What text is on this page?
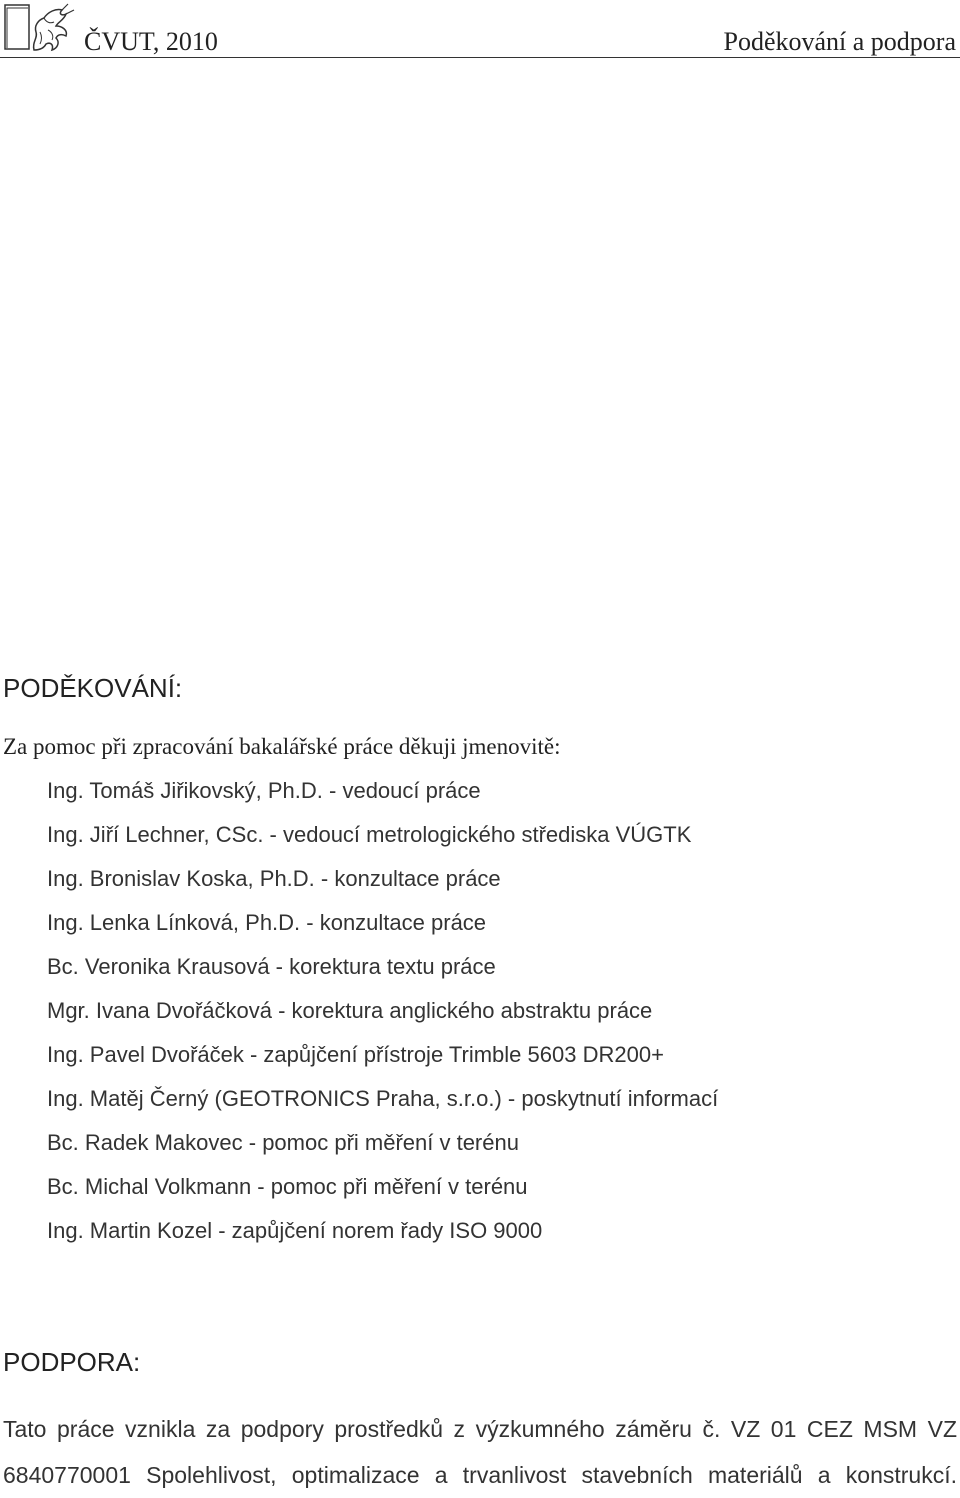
ČVUT, 2010	Poděkování a podpora
PODĚKOVÁNÍ:
Za pomoc při zpracování bakalářské práce děkuji jmenovitě:
Ing. Tomáš Jiřikovský, Ph.D. - vedoucí práce
Ing. Jiří Lechner, CSc. - vedoucí metrologického střediska VÚGTK
Ing. Bronislav Koska, Ph.D. - konzultace práce
Ing. Lenka Línková, Ph.D. - konzultace práce
Bc. Veronika Krausová - korektura textu práce
Mgr. Ivana Dvořáčková - korektura anglického abstraktu práce
Ing. Pavel Dvořáček - zapůjčení přístroje Trimble 5603 DR200+
Ing. Matěj Černý (GEOTRONICS Praha, s.r.o.) - poskytnutí informací
Bc. Radek Makovec - pomoc při měření v terénu
Bc. Michal Volkmann - pomoc při měření v terénu
Ing. Martin Kozel - zapůjčení norem řady ISO 9000
PODPORA:

Tato práce vznikla za podpory prostředků z výzkumného záměru č. VZ 01 CEZ MSM VZ
6840770001 Spolehlivost, optimalizace a trvanlivost stavebních materiálů a konstrukcí.
